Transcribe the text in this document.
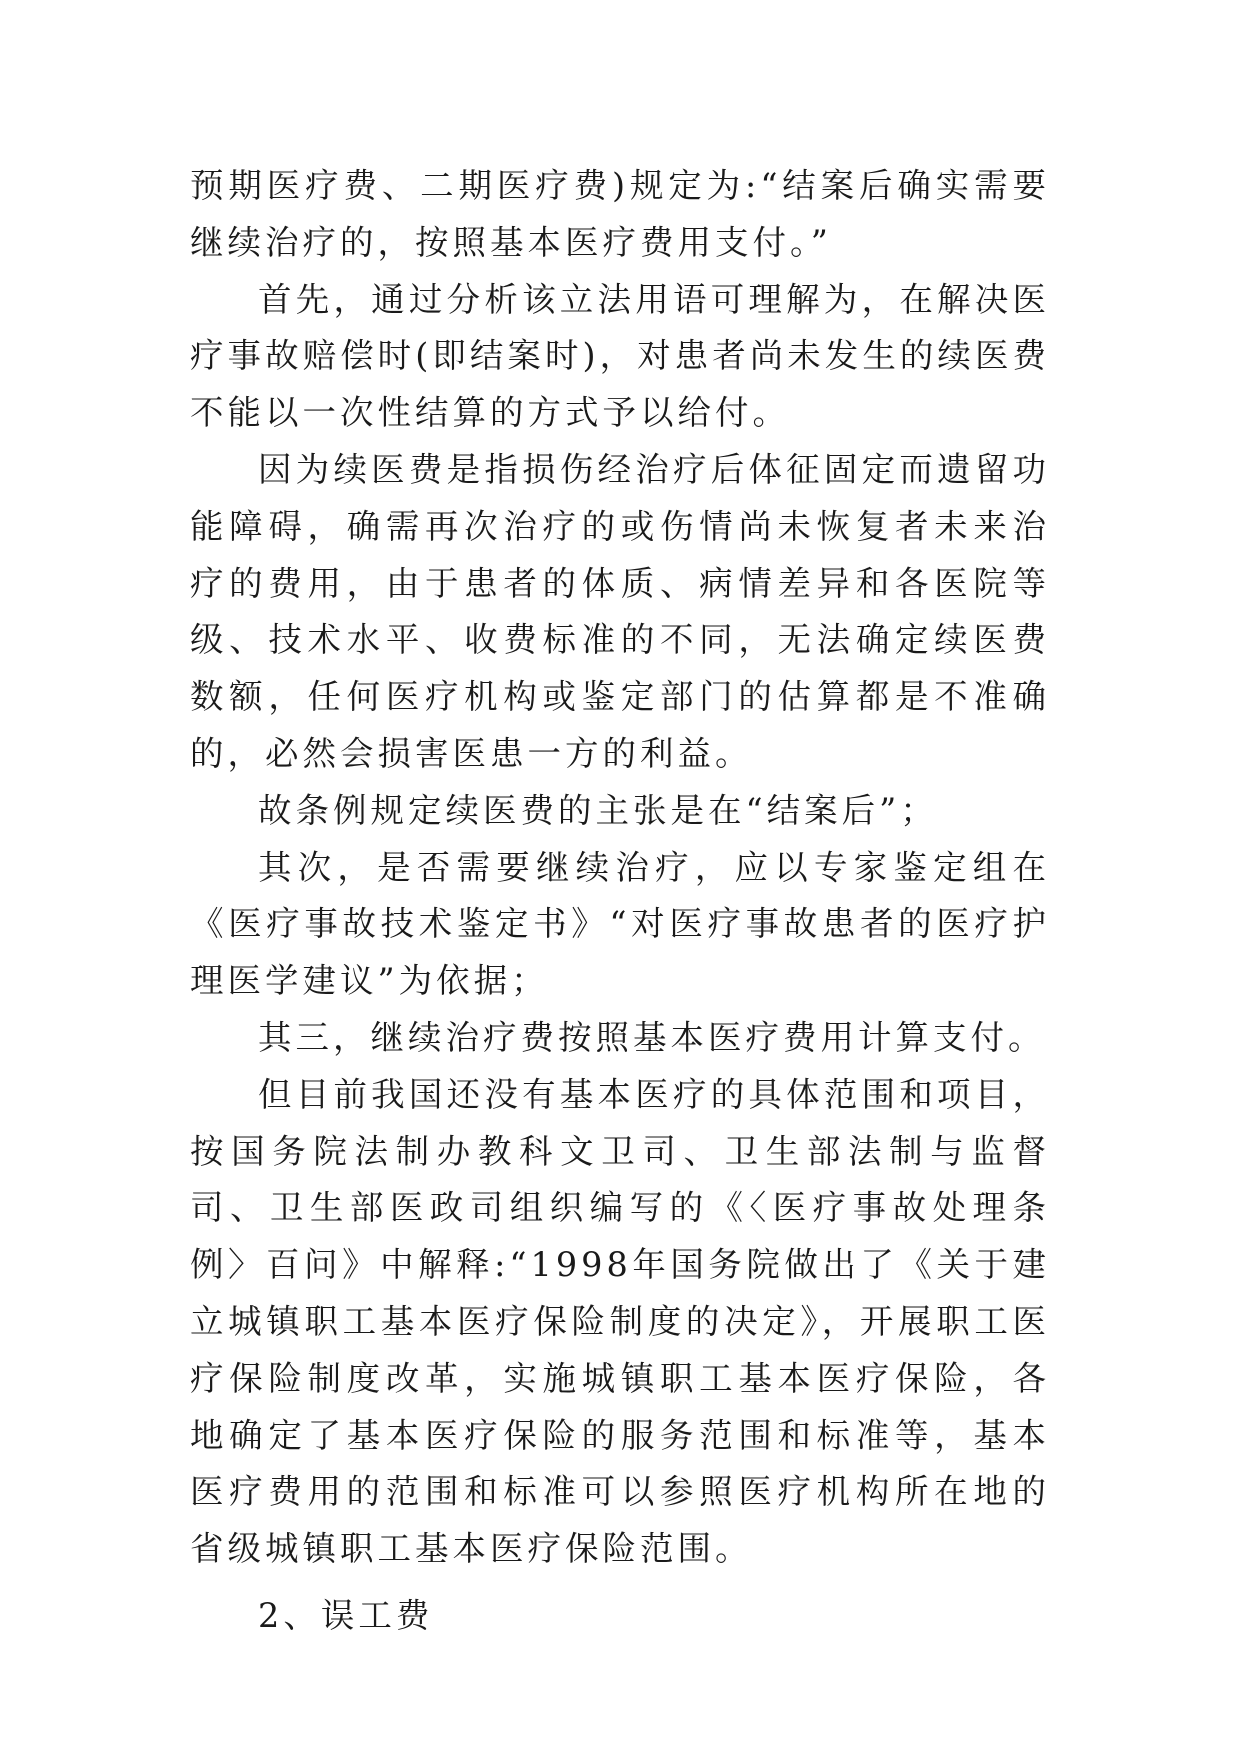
预期医疗费、二期医疗费)规定为:“结案后确实需要继续治疗的，按照基本医疗费用支付。”

首先，通过分析该立法用语可理解为，在解决医疗事故赔偿时(即结案时)，对患者尚未发生的续医费不能以一次性结算的方式予以给付。

因为续医费是指损伤经治疗后体征固定而遗留功能障碍，确需再次治疗的或伤情尚未恢复者未来治疗的费用，由于患者的体质、病情差异和各医院等级、技术水平、收费标准的不同，无法确定续医费数额，任何医疗机构或鉴定部门的估算都是不准确的，必然会损害医患一方的利益。

故条例规定续医费的主张是在“结案后”；

其次，是否需要继续治疗，应以专家鉴定组在《医疗事故技术鉴定书》“对医疗事故患者的医疗护理医学建议”为依据；

其三，继续治疗费按照基本医疗费用计算支付。

但目前我国还没有基本医疗的具体范围和项目，按国务院法制办教科文卫司、卫生部法制与监督司、卫生部医政司组织编写的《〈医疗事故处理条例〉百问》中解释:“1998年国务院做出了《关于建立城镇职工基本医疗保险制度的决定》，开展职工医疗保险制度改革，实施城镇职工基本医疗保险，各地确定了基本医疗保险的服务范围和标准等，基本医疗费用的范围和标准可以参照医疗机构所在地的省级城镇职工基本医疗保险范围。

2、误工费
